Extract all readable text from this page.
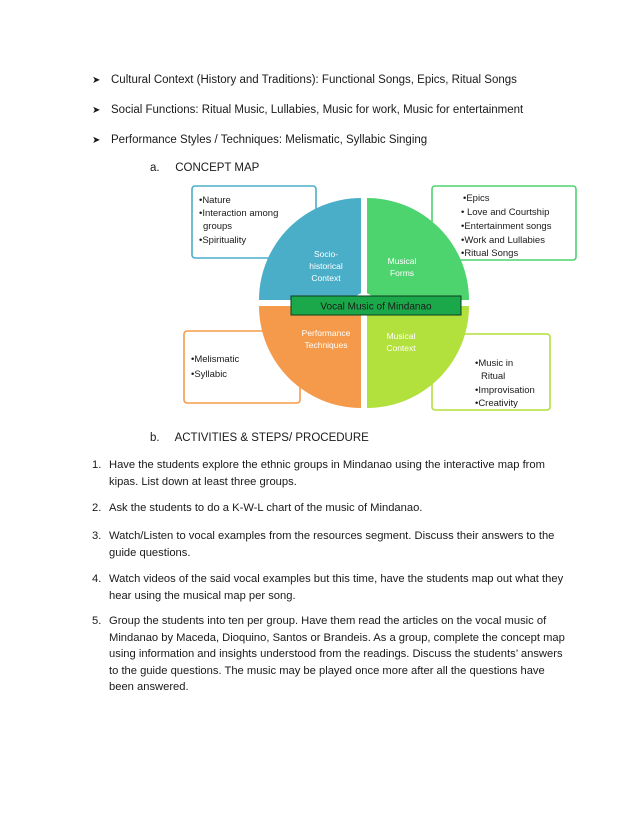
➤ Cultural Context (History and Traditions): Functional Songs, Epics, Ritual Songs
➤ Social Functions: Ritual Music, Lullabies, Music for work, Music for entertainment
➤ Performance Styles / Techniques: Melismatic, Syllabic Singing
a. CONCEPT MAP
•Nature
•Interaction among
groups
•Spirituality
•Epics
• Love and Courtship
•Entertainment songs
•Work and Lullabies
•Ritual Songs
•Melismatic
•Syllabic
•Music in
Ritual
•Improvisation
•Creativity
Socio-
historical
Context
Musical
Forms
Performance
Techniques
Musical
Context
Vocal Music of Mindanao
b. ACTIVITIES & STEPS/ PROCEDURE
1. Have the students explore the ethnic groups in Mindanao using the interactive map from kipas. List down at least three groups.
2. Ask the students to do a K-W-L chart of the music of Mindanao.
3. Watch/Listen to vocal examples from the resources segment. Discuss their answers to the guide questions.
4. Watch videos of the said vocal examples but this time, have the students map out what they hear using the musical map per song.
5. Group the students into ten per group. Have them read the articles on the vocal music of Mindanao by Maceda, Dioquino, Santos or Brandeis. As a group, complete the concept map using information and insights understood from the readings. Discuss the students’ answers to the guide questions. The music may be played once more after all the questions have been answered.
